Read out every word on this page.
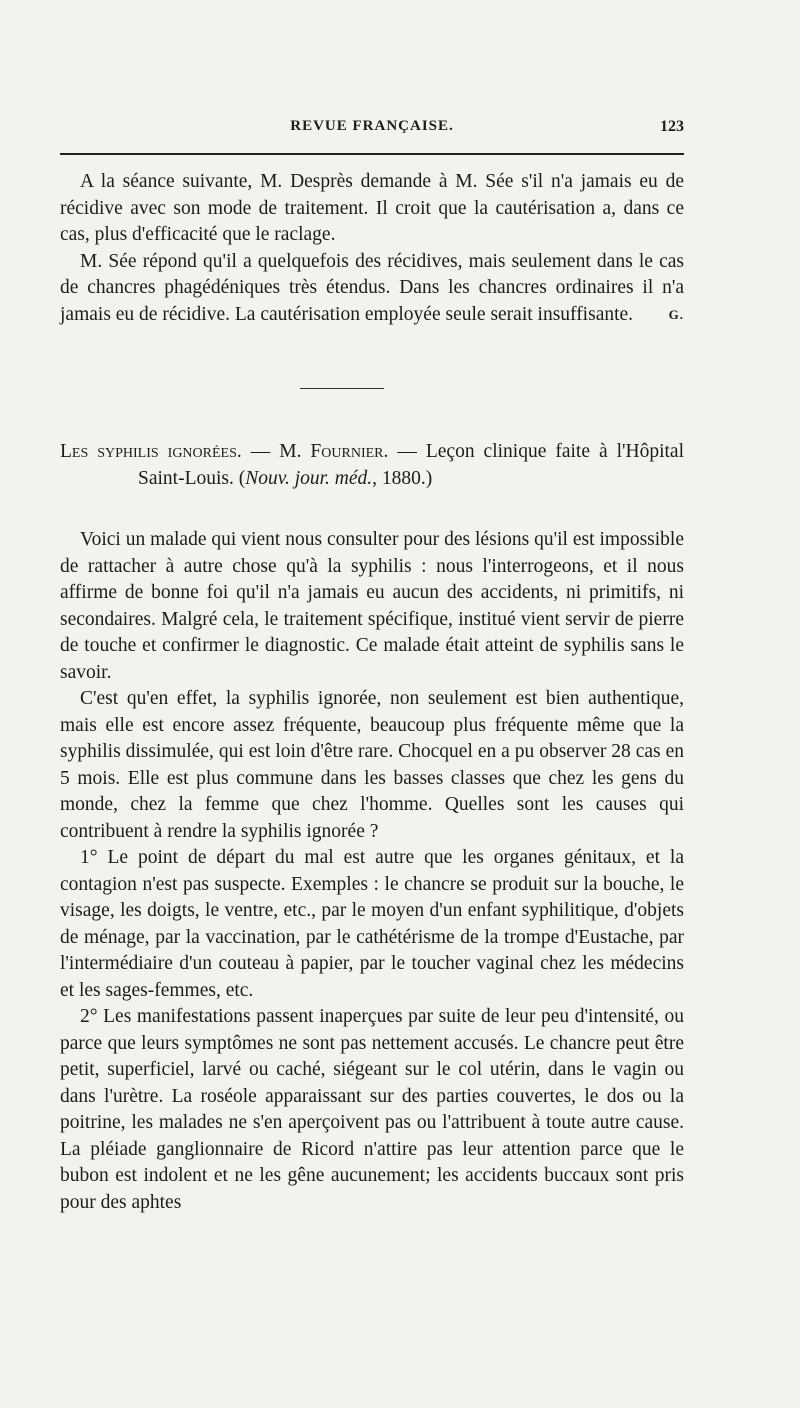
REVUE FRANÇAISE.	123

A la séance suivante, M. Desprès demande à M. Sée s'il n'a jamais eu de récidive avec son mode de traitement. Il croit que la cautérisation a, dans ce cas, plus d'efficacité que le raclage.

M. Sée répond qu'il a quelquefois des récidives, mais seulement dans le cas de chancres phagédéniques très étendus. Dans les chancres ordinaires il n'a jamais eu de récidive. La cautérisation employée seule serait insuffisante.	G.

Les syphilis ignorées. — M. Fournier. — Leçon clinique faite à l'Hôpital Saint-Louis. (Nouv. jour. méd., 1880.)

Voici un malade qui vient nous consulter pour des lésions qu'il est impossible de rattacher à autre chose qu'à la syphilis : nous l'interrogeons, et il nous affirme de bonne foi qu'il n'a jamais eu aucun des accidents, ni primitifs, ni secondaires. Malgré cela, le traitement spécifique, institué vient servir de pierre de touche et confirmer le diagnostic. Ce malade était atteint de syphilis sans le savoir.

C'est qu'en effet, la syphilis ignorée, non seulement est bien authentique, mais elle est encore assez fréquente, beaucoup plus fréquente même que la syphilis dissimulée, qui est loin d'être rare. Chocquel en a pu observer 28 cas en 5 mois. Elle est plus commune dans les basses classes que chez les gens du monde, chez la femme que chez l'homme. Quelles sont les causes qui contribuent à rendre la syphilis ignorée ?

1° Le point de départ du mal est autre que les organes génitaux, et la contagion n'est pas suspecte. Exemples : le chancre se produit sur la bouche, le visage, les doigts, le ventre, etc., par le moyen d'un enfant syphilitique, d'objets de ménage, par la vaccination, par le cathétérisme de la trompe d'Eustache, par l'intermédiaire d'un couteau à papier, par le toucher vaginal chez les médecins et les sages-femmes, etc.

2° Les manifestations passent inaperçues par suite de leur peu d'intensité, ou parce que leurs symptômes ne sont pas nettement accusés. Le chancre peut être petit, superficiel, larvé ou caché, siégeant sur le col utérin, dans le vagin ou dans l'urètre. La roséole apparaissant sur des parties couvertes, le dos ou la poitrine, les malades ne s'en aperçoivent pas ou l'attribuent à toute autre cause. La pléiade ganglionnaire de Ricord n'attire pas leur attention parce que le bubon est indolent et ne les gêne aucunement; les accidents buccaux sont pris pour des aphtes
